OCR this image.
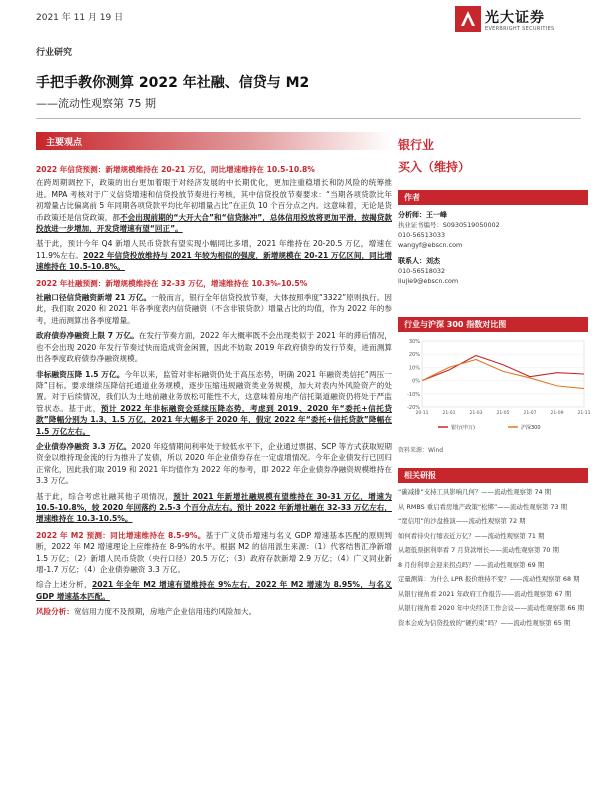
2021 年 11 月 19 日	光大证券
EVERBRIGHT SECURITIES
行业研究
手把手教你测算 2022 年社融、信贷与 M2
——流动性观察第 75 期
主要观点

2022 年信贷预测：新增规模维持在 20-21 万亿，同比增速维持在 10.5-10.8%

在跨周期调控下，政策的出台更加着眼于对经济发展的中长期优化，更加注重稳增长和防风险的统筹推进。MPA 考核对于广义信贷增速和信贷投放节奏进行考核，其中信贷投放节奏要求：“当期各项贷款比年初增量占比偏离前 5 年同期各项贷款平均比年初增量占比”在正负 10 个百分点之内。这意味着，无论是货币政策还是信贷政策，都不会出现前期的“大开大合”和“信贷脉冲”，总体信用投放将更加平滑，按揭贷款投放进一步增加，开发贷增速有望“回正”。

基于此，预计今年 Q4 新增人民币贷款有望实现小幅同比多增，2021 年维持在 20-20.5 万亿，增速在 11.9%左右。2022 年信贷投放维持与 2021 年较为相似的强度，新增规模在 20-21 万亿区间，同比增速维持在 10.5-10.8%。

2022 年社融预测：新增规模维持在 32-33 万亿，增速维持在 10.3%-10.5%

社融口径信贷融资新增 21 万亿。一般而言，银行全年信贷投放节奏，大体按照季度“3322”原则执行。因此，我们取 2020 和 2021 年各季度表内信贷融资（不含非银贷款）增量占比的均值，作为 2022 年的参考，进而测算出各季度增量。

政府债券净融资上限 7 万亿。在发行节奏方面，2022 年大概率既不会出现类似于 2021 年的滞后情况，也不会出现 2020 年发行节奏过快而造成资金闲置，因此不妨取 2019 年政府债券的发行节奏，进而测算出各季度政府债券净融资规模。

非标融资压降 1.5 万亿。今年以来，监管对非标融资仍处于高压态势，明确 2021 年融资类信托“两压一降”目标。要求继续压降信托通道业务规模，逐步压缩违规融资类业务规模，加大对表内外风险资产的处置。对于后续情况，我们认为土地前融业务放松可能性不大，这意味着房地产信托渠道融资仍将处于严监管状态。基于此，预计 2022 年非标融资会延续压降态势，考虑到 2019、2020 年“委托+信托贷款”降幅分别为 1.3、1.5 万亿，2021 年大幅多于 2020 年，假定 2022 年“委托+信托贷款”降幅在 1.5 万亿左右。

企业债券净融资 3.3 万亿。2020 年疫情期间利率处于较低水平下，企业通过票据、SCP 等方式获取短期资金以维持现金流的行为推升了发债，所以 2020 年企业债券存在一定虚增情况。今年企业债发行已回归正常化，因此我们取 2019 和 2021 年均值作为 2022 年的参考，即 2022 年企业债券净融资规模维持在 3.3 万亿。

基于此，综合考虑社融其他子项情况，预计 2021 年新增社融规模有望维持在 30-31 万亿，增速为 10.5-10.8%，较 2020 年回落约 2.5-3 个百分点左右。预计 2022 年新增社融在 32-33 万亿左右，增速维持在 10.3-10.5%。

2022 年 M2 预测：同比增速维持在 8.5-9%。基于广义货币增速与名义 GDP 增速基本匹配的原则判断，2022 年 M2 增速理论上应维持在 8-9%的水平。根据 M2 的信用派生来源：（1）代客结售汇净新增 1.5 万亿；（2）新增人民币贷款（央行口径）20.5 万亿；（3）政府存款新增 2.9 万亿；（4）广义同业新增-1.7 万亿；（4）企业债券融资 3.3 万亿。

综合上述分析，2021 年全年 M2 增速有望维持在 9%左右，2022 年 M2 增速为 8.95%，与名义 GDP 增速基本匹配。

风险分析：宽信用力度不及预期，房地产企业信用违约风险加大。

银行业
买入（维持）
作者
分析师：王一峰
执业证书编号：S0930519050002
010-56513033
wangyf@ebscn.com
联系人：刘杰
010-56518032
liujie9@ebscn.com
行业与沪深 300 指数对比图
30%
20%
10%
0%
-10%
-20%
20-11	21-01	21-03	21-05	21-07	21-09	21-11
银行(申万)	沪深300
资料来源：Wind
相关研报
“碳减排”支持工具影响几何？——流动性观察第 74 期
从 RMBS 重启看房地产政策“松绑”——流动性观察第 73 期
“宽信用”的沙盘推演——流动性观察第 72 期
如何看待央行缩表近万亿？——流动性观察第 71 期
从超低票据利率看 7 月贷款增长——流动性观察第 70 期
8 月份利率会迎来拐点吗？——流动性观察第 69 期
定量测算：为什么 LPR 报价维持不变？——流动性观察第 68 期
从银行视角看 2021 年政府工作报告——流动性观察第 67 期
从银行视角看 2020 年中央经济工作会议——流动性观察第 66 期
资本会成为信贷投放的“硬约束”吗？——流动性观察第 65 期
